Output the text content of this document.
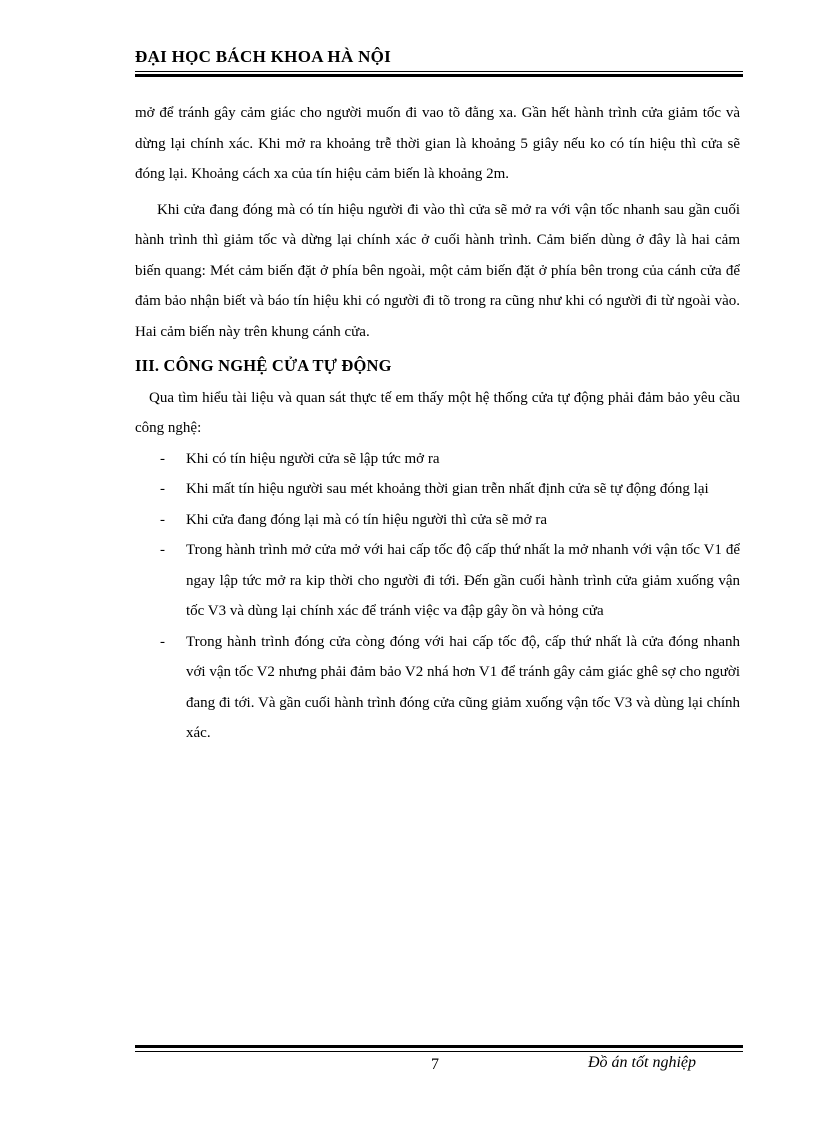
ĐẠI HỌC BÁCH KHOA HÀ NỘI

mở để tránh gây cảm giác cho người muốn đi vao tõ đằng xa. Gần hết hành trình cửa giảm tốc và dừng lại chính xác. Khi mở ra khoảng trễ thời gian là khoảng 5 giây nếu ko có tín hiệu thì cửa sẽ đóng lại. Khoảng cách xa của tín hiệu cảm biến là khoảng 2m.

Khi cửa đang đóng mà có tín hiệu người đi vào thì cửa sẽ mở ra với vận tốc nhanh sau gần cuối hành trình thì giảm tốc và dừng lại chính xác ở cuối hành trình. Cảm biến dùng ở đây là hai cảm biến quang: Mét cảm biến đặt ở phía bên ngoài, một cảm biến đặt ở phía bên trong của cánh cửa để đảm bảo nhận biết và báo tín hiệu khi có người đi tõ trong ra cũng như khi có người đi từ ngoài vào. Hai cảm biến này trên khung cánh cửa.

III. CÔNG NGHỆ CỬA TỰ ĐỘNG

Qua tìm hiểu tài liệu và quan sát thực tế em thấy một hệ thống cửa tự động phải đảm bảo yêu cầu công nghệ:

- Khi có tín hiệu người cửa sẽ lập tức mở ra
- Khi mất tín hiệu người sau mét khoảng thời gian trễn nhất định cửa sẽ tự động đóng lại
- Khi cửa đang đóng lại mà có tín hiệu người thì cửa sẽ mở ra
- Trong hành trình mở cửa mở với hai cấp tốc độ cấp thứ nhất la mở nhanh với vận tốc V1 để ngay lập tức mở ra kip thời cho người đi tới. Đến gần cuối hành trình cửa giảm xuống vận tốc V3 và dùng lại chính xác để tránh việc va đập gây ồn và hỏng cửa
- Trong hành trình đóng cửa còng đóng với hai cấp tốc độ, cấp thứ nhất là cửa đóng nhanh với vận tốc V2 nhưng phải đảm bảo V2 nhá hơn V1 để tránh gây cảm giác ghê sợ cho người đang đi tới. Và gần cuối hành trình đóng cửa cũng giảm xuống vận tốc V3 và dùng lại chính xác.
7	Đồ án tốt nghiệp
